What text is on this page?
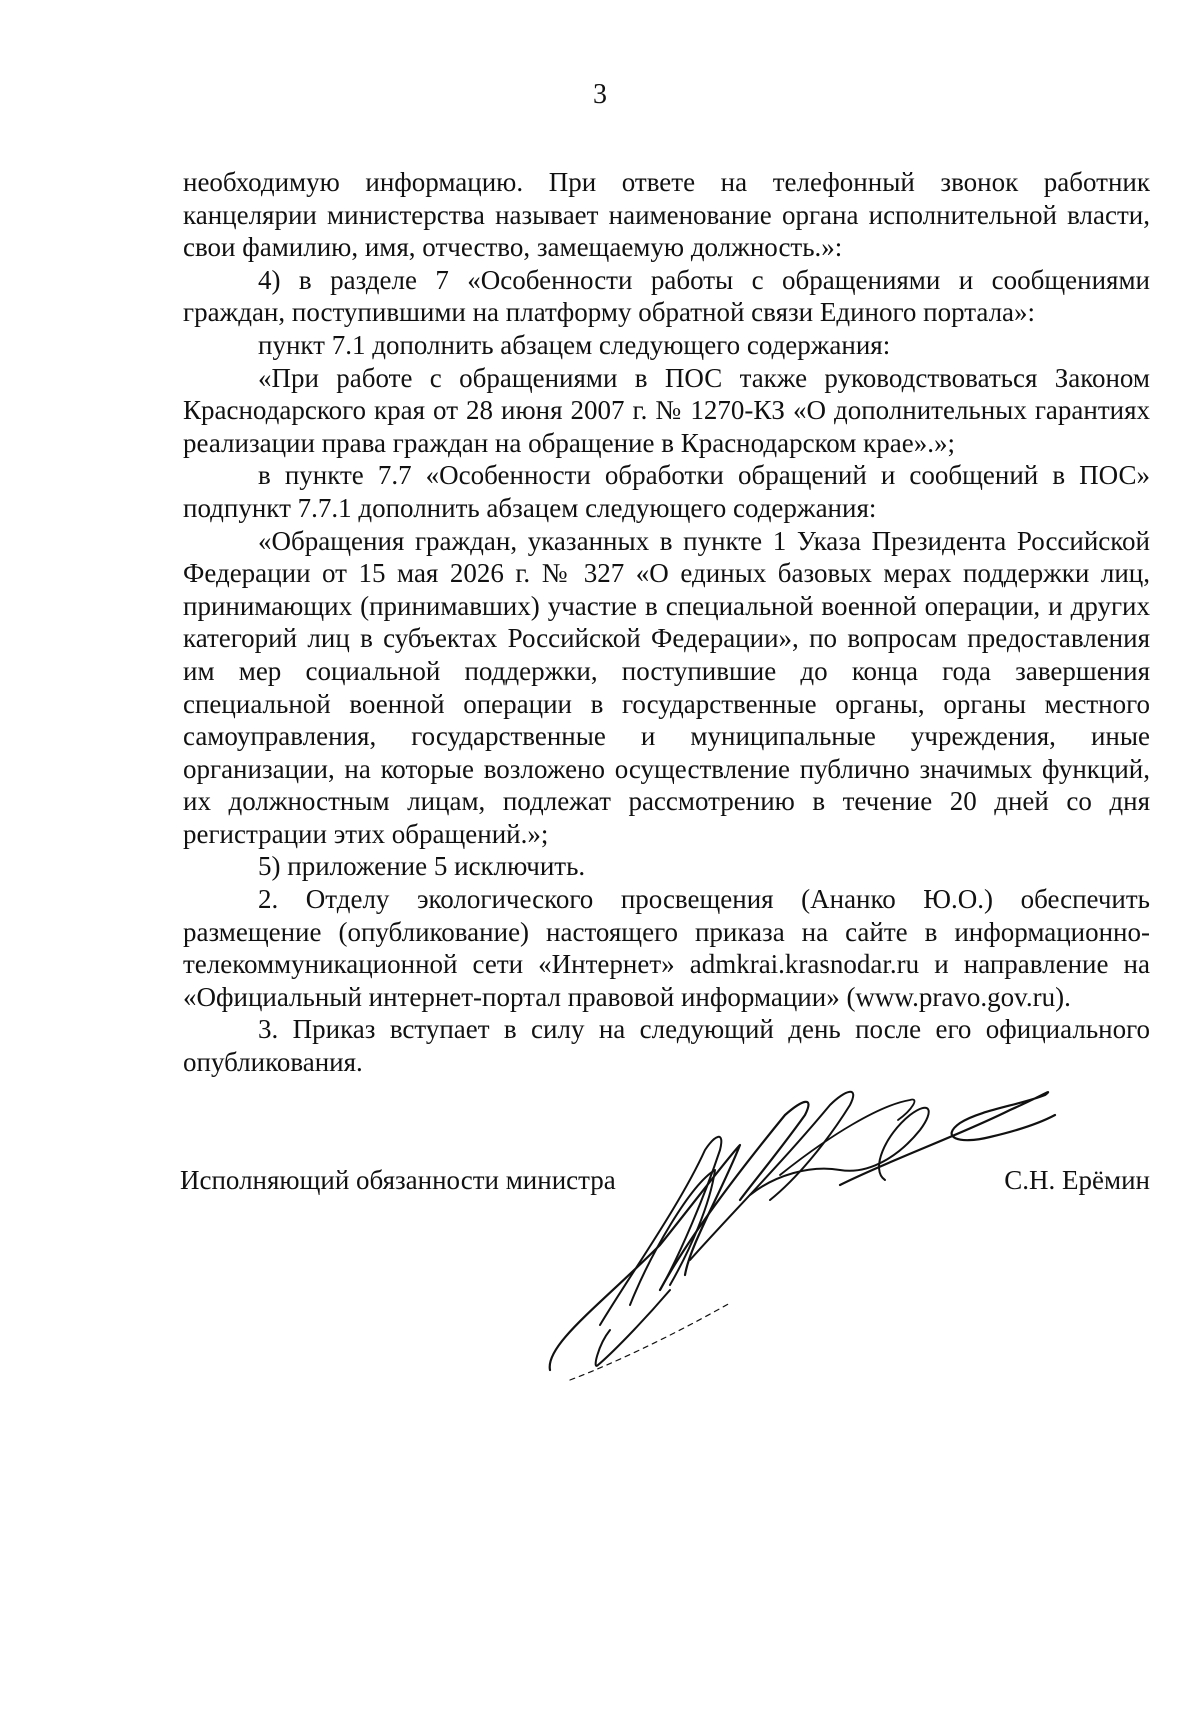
3

необходимую информацию. При ответе на телефонный звонок работник канцелярии министерства называет наименование органа исполнительной власти, свои фамилию, имя, отчество, замещаемую должность.»:

4) в разделе 7 «Особенности работы с обращениями и сообщениями граждан, поступившими на платформу обратной связи Единого портала»:

пункт 7.1 дополнить абзацем следующего содержания:

«При работе с обращениями в ПОС также руководствоваться Законом Краснодарского края от 28 июня 2007 г. № 1270-КЗ «О дополнительных гарантиях реализации права граждан на обращение в Краснодарском крае».»;

в пункте 7.7 «Особенности обработки обращений и сообщений в ПОС» подпункт 7.7.1 дополнить абзацем следующего содержания:

«Обращения граждан, указанных в пункте 1 Указа Президента Российской Федерации от 15 мая 2026 г. № 327 «О единых базовых мерах поддержки лиц, принимающих (принимавших) участие в специальной военной операции, и других категорий лиц в субъектах Российской Федерации», по вопросам предоставления им мер социальной поддержки, поступившие до конца года завершения специальной военной операции в государственные органы, органы местного самоуправления, государственные и муниципальные учреждения, иные организации, на которые возложено осуществление публично значимых функций, их должностным лицам, подлежат рассмотрению в течение 20 дней со дня регистрации этих обращений.»;

5) приложение 5 исключить.

2. Отделу экологического просвещения (Ананко Ю.О.) обеспечить размещение (опубликование) настоящего приказа на сайте в информационно-телекоммуникационной сети «Интернет» admkrai.krasnodar.ru и направление на «Официальный интернет-портал правовой информации» (www.pravo.gov.ru).

3. Приказ вступает в силу на следующий день после его официального опубликования.

Исполняющий обязанности министра	С.Н. Ерёмин
